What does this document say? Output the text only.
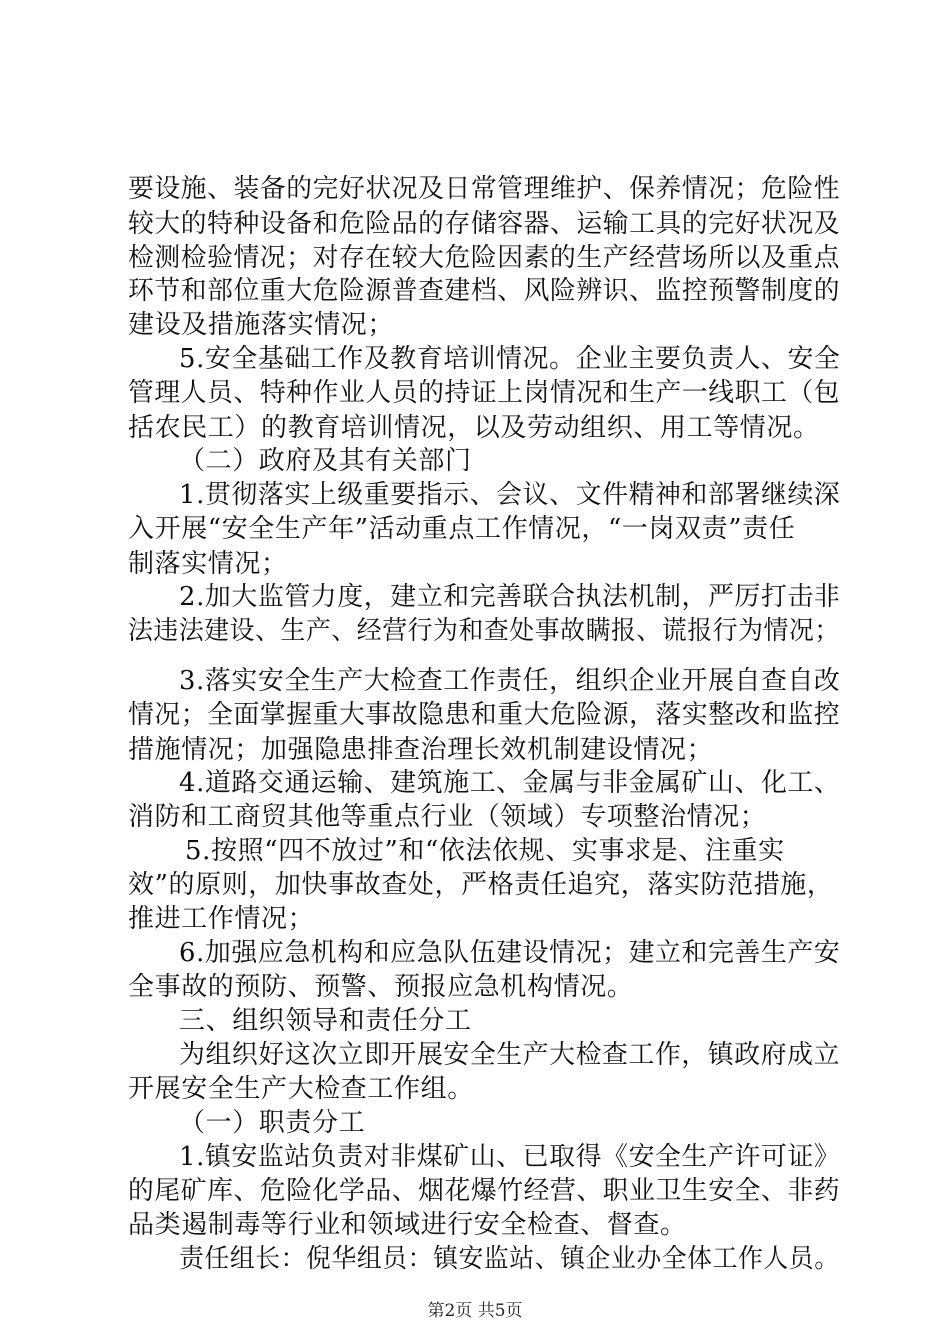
要设施、装备的完好状况及日常管理维护、保养情况；危险性
较大的特种设备和危险品的存储容器、运输工具的完好状况及
检测检验情况；对存在较大危险因素的生产经营场所以及重点
环节和部位重大危险源普查建档、风险辨识、监控预警制度的
建设及措施落实情况；
5.安全基础工作及教育培训情况。企业主要负责人、安全
管理人员、特种作业人员的持证上岗情况和生产一线职工（包
括农民工）的教育培训情况，以及劳动组织、用工等情况。
（二）政府及其有关部门
1.贯彻落实上级重要指示、会议、文件精神和部署继续深
入开展“安全生产年”活动重点工作情况，“一岗双责”责任
制落实情况；
2.加大监管力度，建立和完善联合执法机制，严厉打击非
法违法建设、生产、经营行为和查处事故瞒报、谎报行为情况；
3.落实安全生产大检查工作责任，组织企业开展自查自改
情况；全面掌握重大事故隐患和重大危险源，落实整改和监控
措施情况；加强隐患排查治理长效机制建设情况；
4.道路交通运输、建筑施工、金属与非金属矿山、化工、
消防和工商贸其他等重点行业（领域）专项整治情况；
5.按照“四不放过”和“依法依规、实事求是、注重实
效”的原则，加快事故查处，严格责任追究，落实防范措施，
推进工作情况；
6.加强应急机构和应急队伍建设情况；建立和完善生产安
全事故的预防、预警、预报应急机构情况。
三、组织领导和责任分工
为组织好这次立即开展安全生产大检查工作，镇政府成立
开展安全生产大检查工作组。
（一）职责分工
1.镇安监站负责对非煤矿山、已取得《安全生产许可证》
的尾矿库、危险化学品、烟花爆竹经营、职业卫生安全、非药
品类遏制毒等行业和领域进行安全检查、督查。
责任组长：倪华组员：镇安监站、镇企业办全体工作人员。
第2页 共5页
